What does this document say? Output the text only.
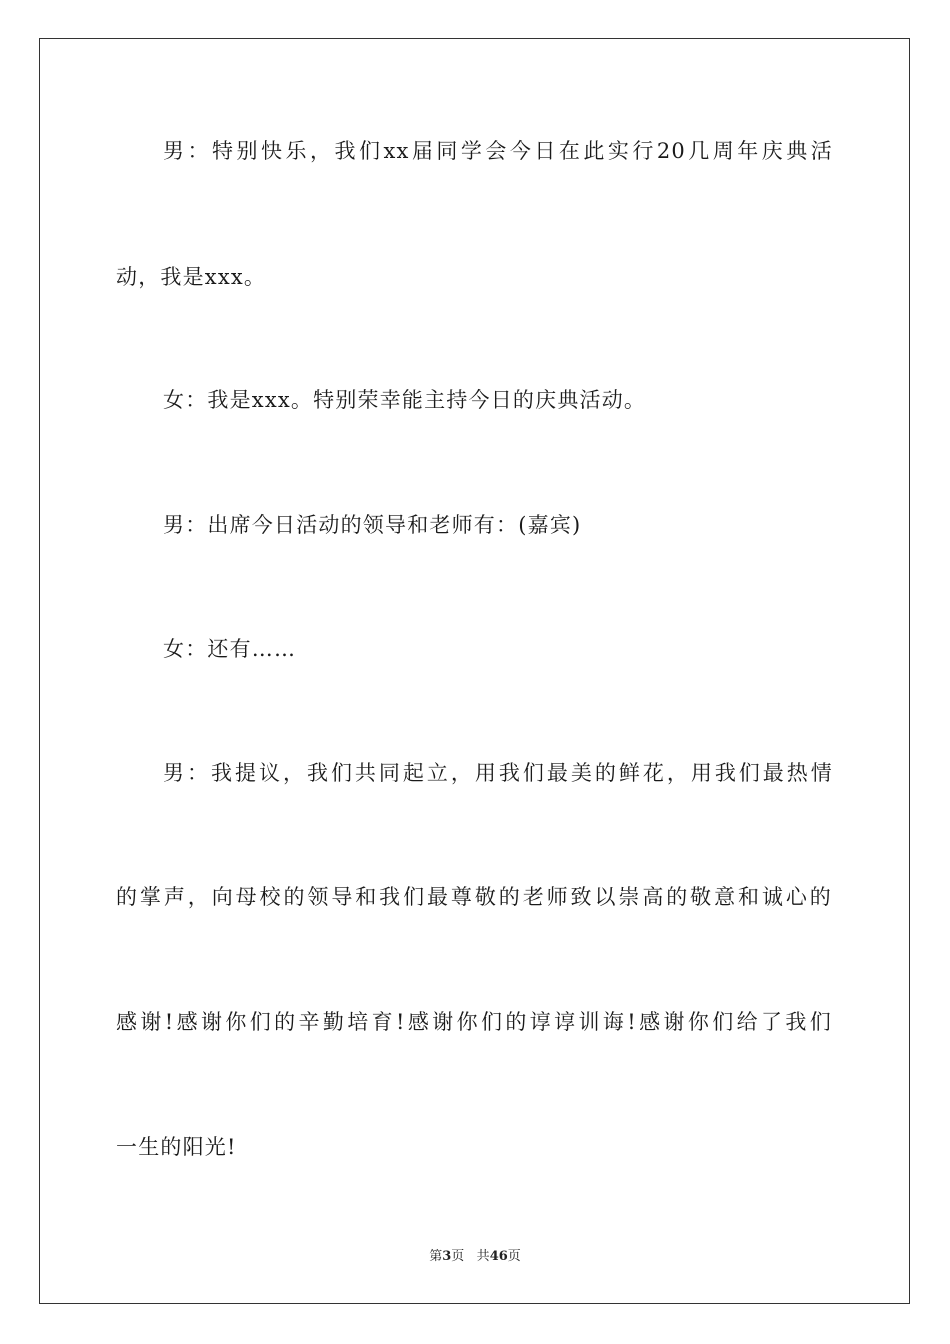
男：特别快乐，我们xx届同学会今日在此实行20几周年庆典活
动，我是xxx。
女：我是xxx。特别荣幸能主持今日的庆典活动。
男：出席今日活动的领导和老师有：(嘉宾)
女：还有……
男：我提议，我们共同起立，用我们最美的鲜花，用我们最热情
的掌声，向母校的领导和我们最尊敬的老师致以崇高的敬意和诚心的
感谢!感谢你们的辛勤培育!感谢你们的谆谆训诲!感谢你们给了我们
一生的阳光!
第3页 共46页
